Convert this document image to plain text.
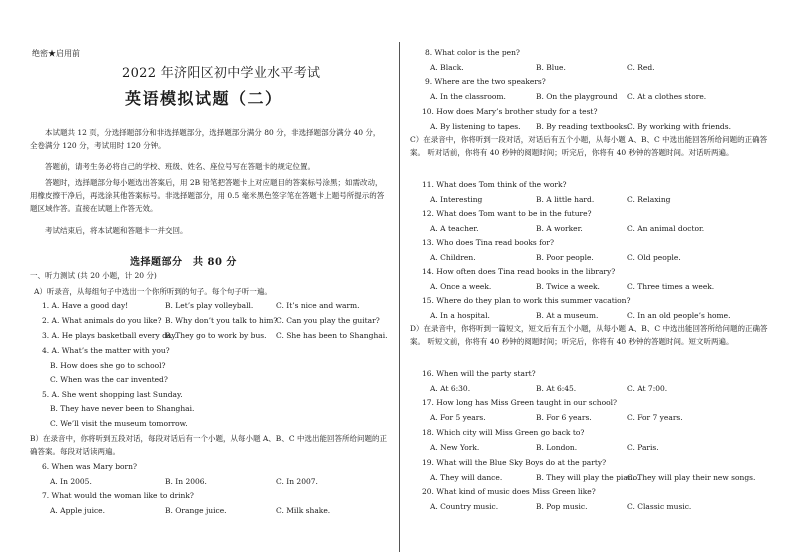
绝密★启用前
2022 年济阳区初中学业水平考试
英语模拟试题（二）
本试题共 12 页，分选择题部分和非选择题部分，选择题部分满分 80 分，非选择题部分满分 40 分，全卷满分 120 分，考试用时 120 分钟。
答题前，请考生务必将自己的学校、班级、姓名、座位号写在答题卡的规定位置。
答题时，选择题部分每小题选出答案后，用 2B 铅笔把答题卡上对应题目的答案标号涂黑；如需改动，用橡皮擦干净后，再选涂其他答案标号。非选择题部分，用 0.5 毫米黑色签字笔在答题卡上题号所提示的答题区域作答。直接在试题上作答无效。
考试结束后，将本试题和答题卡一并交回。
选择题部分　共 80 分
一、听力测试 (共 20 小题，计 20 分)
A）听录音，从每组句子中选出一个你所听到的句子。每个句子听一遍。
1. A. Have a good day!	B. Let’s play volleyball.	C. It’s nice and warm.
2. A. What animals do you like? B. Why don’t you talk to him?
C. Can you play the guitar?
3. A. He plays basketball every day.
B. They go to work by bus. C. She has been to Shanghai.
4. A. What’s the matter with you?
B. How does she go to school?
C. When was the car invented?
5. A. She went shopping last Sunday.
B. They have never been to Shanghai.
C. We’ll visit the museum tomorrow.
B）在录音中，你将听到五段对话，每段对话后有一个小题，从每小题 A、B、C 中选出能回答所给问题的正确答案。每段对话读两遍。
6. When was Mary born?
A. In 2005.	B. In 2006.	C. In 2007.
7. What would the woman like to drink?
A. Apple juice.	B. Orange juice.	C. Milk shake.
8. What color is the pen?
A. Black.	B. Blue.	C. Red.
9. Where are the two speakers?
A. In the classroom.	B. On the playground C. At a clothes store.
10. How does Mary’s brother study for a test?
A. By listening to tapes. B. By reading textbooks.
C. By working with friends.
C）在录音中，你将听到一段对话，对话后有五个小题，从每小题 A、B、C 中选出能回答所给问题的正确答案。 听对话前，你将有 40 秒钟的阅题时间；听完后，你将有 40 秒钟的答题时间。对话听两遍。
11. What does Tom think of the work?
A. Interesting	B. A little hard.	C. Relaxing
12. What does Tom want to be in the future?
A. A teacher.	B. A worker.	C. An animal doctor.
13. Who does Tina read books for?
A. Children.	B. Poor people.	C. Old people.
14. How often does Tina read books in the library?
A. Once a week.	B. Twice a week.	C. Three times a week.
15. Where do they plan to work this summer vacation?
A. In a hospital.	B. At a museum.	C. In an old people’s home.
D）在录音中，你将听到一篇短文，短文后有五个小题，从每小题 A、B、C 中选出能回答所给问题的正确答案。 听短文前，你将有 40 秒钟的阅题时间；听完后，你将有 40 秒钟的答题时间。短文听两遍。
16. When will the party start?
A. At 6:30.	B. At 6:45.	C. At 7:00.
17. How long has Miss Green taught in our school?
A. For 5 years.	B. For 6 years.	C. For 7 years.
18. Which city will Miss Green go back to?
A. New York.	B. London.	C. Paris.
19. What will the Blue Sky Boys do at the party?
A. They will dance.	B. They will play the piano.
C. They will play their new songs.
20. What kind of music does Miss Green like?
A. Country music.	B. Pop music.	C. Classic music.
